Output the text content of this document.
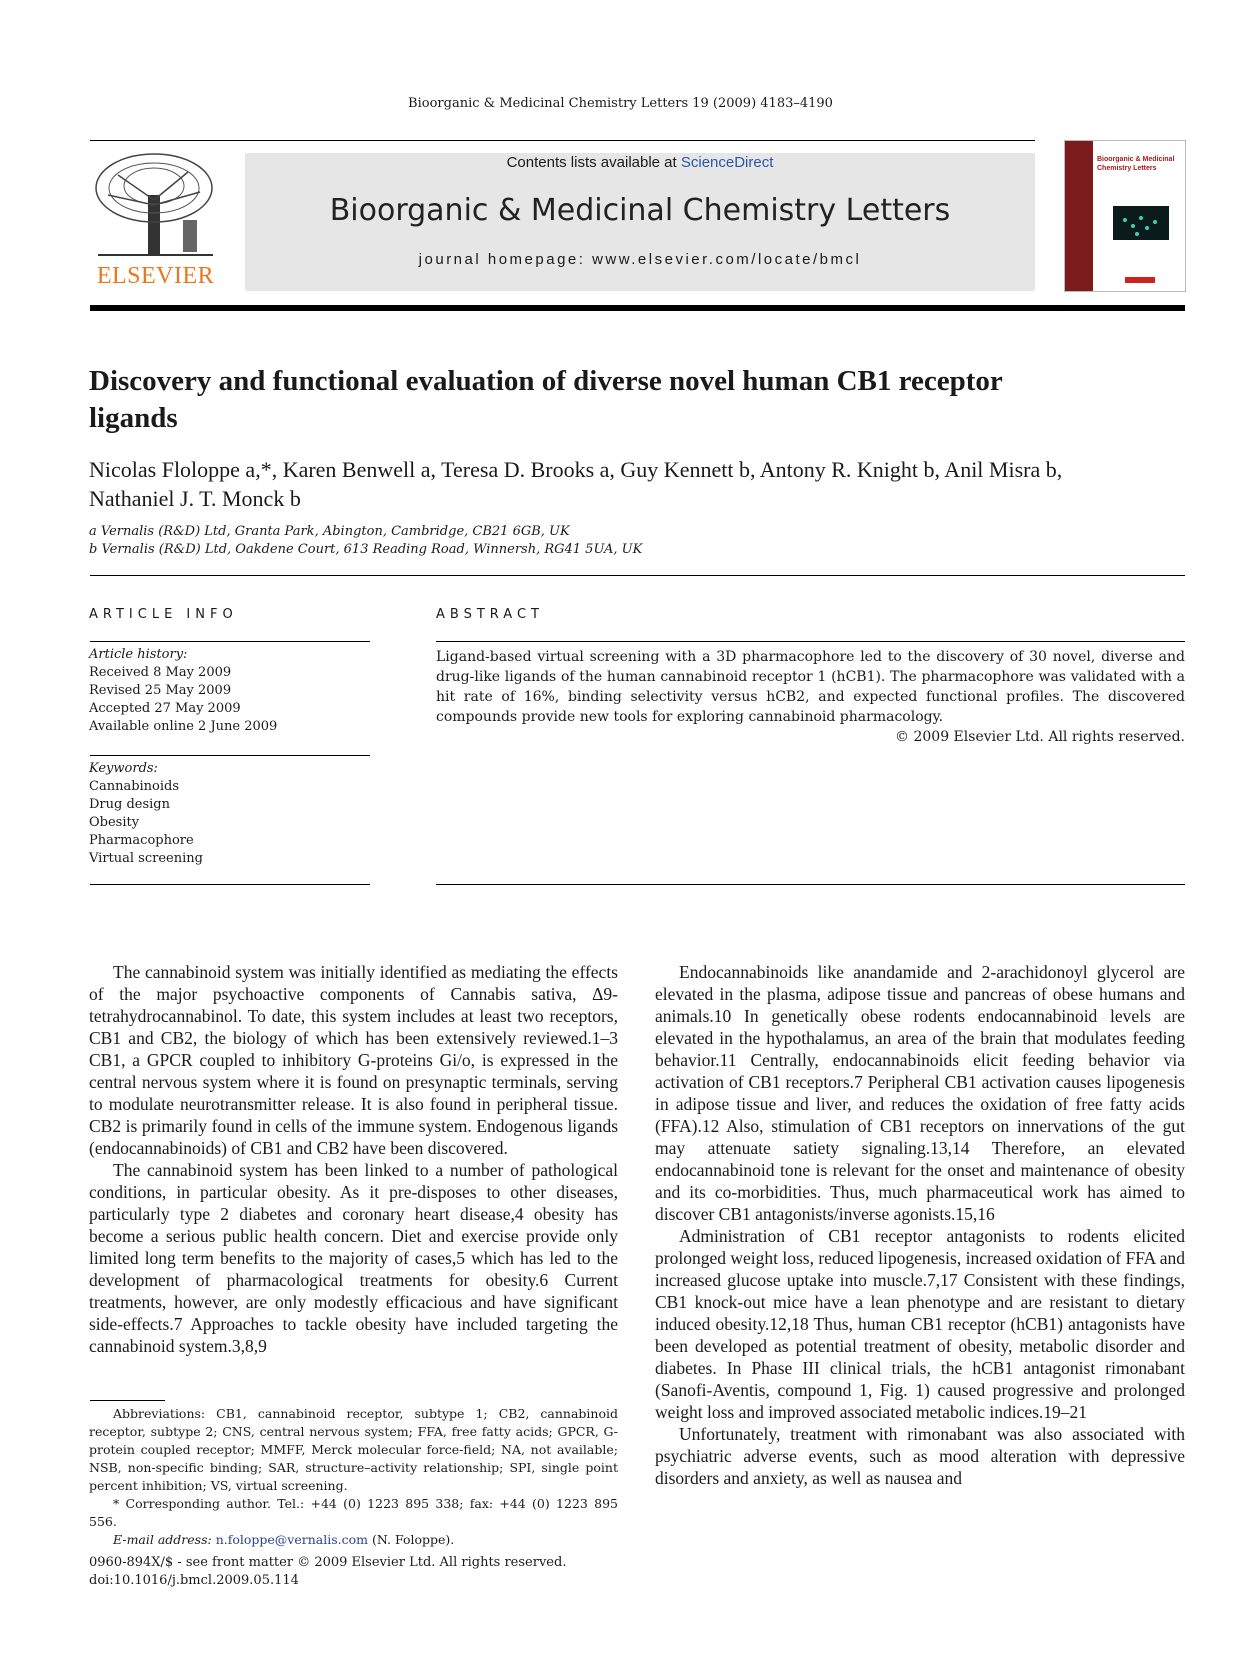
Bioorganic & Medicinal Chemistry Letters 19 (2009) 4183–4190
ELSEVIER
Contents lists available at ScienceDirect
Bioorganic & Medicinal Chemistry Letters
journal homepage: www.elsevier.com/locate/bmcl
Bioorganic & Medicinal Chemistry Letters
Discovery and functional evaluation of diverse novel human CB1 receptor ligands
Nicolas Floloppe a,*, Karen Benwell a, Teresa D. Brooks a, Guy Kennett b, Antony R. Knight b, Anil Misra b, Nathaniel J. T. Monck b
a Vernalis (R&D) Ltd, Granta Park, Abington, Cambridge, CB21 6GB, UK
b Vernalis (R&D) Ltd, Oakdene Court, 613 Reading Road, Winnersh, RG41 5UA, UK
ARTICLE INFO	ABSTRACT
Article history:
Received 8 May 2009
Revised 25 May 2009
Accepted 27 May 2009
Available online 2 June 2009
Keywords:
Cannabinoids
Drug design
Obesity
Pharmacophore
Virtual screening

Ligand-based virtual screening with a 3D pharmacophore led to the discovery of 30 novel, diverse and drug-like ligands of the human cannabinoid receptor 1 (hCB1). The pharmacophore was validated with a hit rate of 16%, binding selectivity versus hCB2, and expected functional profiles. The discovered compounds provide new tools for exploring cannabinoid pharmacology.

© 2009 Elsevier Ltd. All rights reserved.

The cannabinoid system was initially identified as mediating the effects of the major psychoactive components of Cannabis sativa, Δ9-tetrahydrocannabinol. To date, this system includes at least two receptors, CB1 and CB2, the biology of which has been extensively reviewed.1–3 CB1, a GPCR coupled to inhibitory G-proteins Gi/o, is expressed in the central nervous system where it is found on presynaptic terminals, serving to modulate neurotransmitter release. It is also found in peripheral tissue. CB2 is primarily found in cells of the immune system. Endogenous ligands (endocannabinoids) of CB1 and CB2 have been discovered.

The cannabinoid system has been linked to a number of pathological conditions, in particular obesity. As it pre-disposes to other diseases, particularly type 2 diabetes and coronary heart disease,4 obesity has become a serious public health concern. Diet and exercise provide only limited long term benefits to the majority of cases,5 which has led to the development of pharmacological treatments for obesity.6 Current treatments, however, are only modestly efficacious and have significant side-effects.7 Approaches to tackle obesity have included targeting the cannabinoid system.3,8,9

Endocannabinoids like anandamide and 2-arachidonoyl glycerol are elevated in the plasma, adipose tissue and pancreas of obese humans and animals.10 In genetically obese rodents endocannabinoid levels are elevated in the hypothalamus, an area of the brain that modulates feeding behavior.11 Centrally, endocannabinoids elicit feeding behavior via activation of CB1 receptors.7 Peripheral CB1 activation causes lipogenesis in adipose tissue and liver, and reduces the oxidation of free fatty acids (FFA).12 Also, stimulation of CB1 receptors on innervations of the gut may attenuate satiety signaling.13,14 Therefore, an elevated endocannabinoid tone is relevant for the onset and maintenance of obesity and its co-morbidities. Thus, much pharmaceutical work has aimed to discover CB1 antagonists/inverse agonists.15,16

Administration of CB1 receptor antagonists to rodents elicited prolonged weight loss, reduced lipogenesis, increased oxidation of FFA and increased glucose uptake into muscle.7,17 Consistent with these findings, CB1 knock-out mice have a lean phenotype and are resistant to dietary induced obesity.12,18 Thus, human CB1 receptor (hCB1) antagonists have been developed as potential treatment of obesity, metabolic disorder and diabetes. In Phase III clinical trials, the hCB1 antagonist rimonabant (Sanofi-Aventis, compound 1, Fig. 1) caused progressive and prolonged weight loss and improved associated metabolic indices.19–21

Unfortunately, treatment with rimonabant was also associated with psychiatric adverse events, such as mood alteration with depressive disorders and anxiety, as well as nausea and

Abbreviations: CB1, cannabinoid receptor, subtype 1; CB2, cannabinoid receptor, subtype 2; CNS, central nervous system; FFA, free fatty acids; GPCR, G-protein coupled receptor; MMFF, Merck molecular force-field; NA, not available; NSB, non-specific binding; SAR, structure–activity relationship; SPI, single point percent inhibition; VS, virtual screening.

* Corresponding author. Tel.: +44 (0) 1223 895 338; fax: +44 (0) 1223 895 556.

E-mail address: n.foloppe@vernalis.com (N. Foloppe).

0960-894X/$ - see front matter © 2009 Elsevier Ltd. All rights reserved.
doi:10.1016/j.bmcl.2009.05.114
